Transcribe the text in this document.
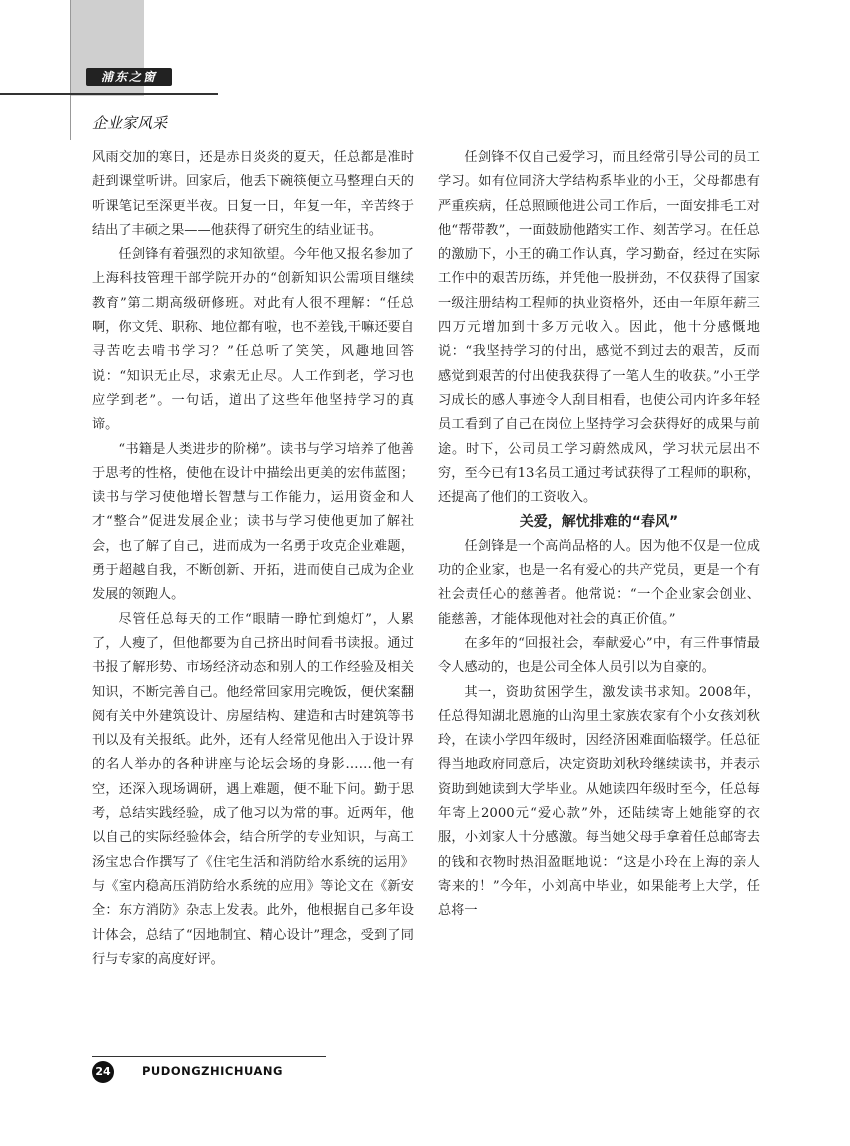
浦东之窗
企业家风采

风雨交加的寒日，还是赤日炎炎的夏天，任总都是准时赶到课堂听讲。回家后，他丢下碗筷便立马整理白天的听课笔记至深更半夜。日复一日，年复一年，辛苦终于结出了丰硕之果——他获得了研究生的结业证书。

任剑锋有着强烈的求知欲望。今年他又报名参加了上海科技管理干部学院开办的“创新知识公需项目继续教育”第二期高级研修班。对此有人很不理解：“任总啊，你文凭、职称、地位都有啦，也不差钱,干嘛还要自寻苦吃去啃书学习？”任总听了笑笑，风趣地回答说：“知识无止尽，求索无止尽。人工作到老，学习也应学到老”。一句话，道出了这些年他坚持学习的真谛。

“书籍是人类进步的阶梯”。读书与学习培养了他善于思考的性格，使他在设计中描绘出更美的宏伟蓝图；读书与学习使他增长智慧与工作能力，运用资金和人才“整合”促进发展企业；读书与学习使他更加了解社会，也了解了自己，进而成为一名勇于攻克企业难题，勇于超越自我，不断创新、开拓，进而使自己成为企业发展的领跑人。

尽管任总每天的工作“眼睛一睁忙到熄灯”，人累了，人瘦了，但他都要为自己挤出时间看书读报。通过书报了解形势、市场经济动态和别人的工作经验及相关知识，不断完善自己。他经常回家用完晚饭，便伏案翻阅有关中外建筑设计、房屋结构、建造和古时建筑等书刊以及有关报纸。此外，还有人经常见他出入于设计界的名人举办的各种讲座与论坛会场的身影……他一有空，还深入现场调研，遇上难题，便不耻下问。勤于思考，总结实践经验，成了他习以为常的事。近两年，他以自己的实际经验体会，结合所学的专业知识，与高工汤宝忠合作撰写了《住宅生活和消防给水系统的运用》与《室内稳高压消防给水系统的应用》等论文在《新安全：东方消防》杂志上发表。此外，他根据自己多年设计体会，总结了“因地制宜、精心设计”理念，受到了同行与专家的高度好评。

任剑锋不仅自己爱学习，而且经常引导公司的员工学习。如有位同济大学结构系毕业的小王，父母都患有严重疾病，任总照顾他进公司工作后，一面安排毛工对他“帮带教”，一面鼓励他踏实工作、刻苦学习。在任总的激励下，小王的确工作认真，学习勤奋，经过在实际工作中的艰苦历练，并凭他一股拼劲，不仅获得了国家一级注册结构工程师的执业资格外，还由一年原年薪三四万元增加到十多万元收入。因此，他十分感慨地说：“我坚持学习的付出，感觉不到过去的艰苦，反而感觉到艰苦的付出使我获得了一笔人生的收获。”小王学习成长的感人事迹令人刮目相看，也使公司内许多年轻员工看到了自己在岗位上坚持学习会获得好的成果与前途。时下，公司员工学习蔚然成风，学习状元层出不穷，至今已有13名员工通过考试获得了工程师的职称，还提高了他们的工资收入。

关爱，解忧排难的“春风”

任剑锋是一个高尚品格的人。因为他不仅是一位成功的企业家，也是一名有爱心的共产党员，更是一个有社会责任心的慈善者。他常说：“一个企业家会创业、能慈善，才能体现他对社会的真正价值。”

在多年的“回报社会，奉献爱心”中，有三件事情最令人感动的，也是公司全体人员引以为自豪的。

其一，资助贫困学生，激发读书求知。2008年，任总得知湖北恩施的山沟里土家族农家有个小女孩刘秋玲，在读小学四年级时，因经济困难面临辍学。任总征得当地政府同意后，决定资助刘秋玲继续读书，并表示资助到她读到大学毕业。从她读四年级时至今，任总每年寄上2000元“爱心款”外，还陆续寄上她能穿的衣服，小刘家人十分感激。每当她父母手拿着任总邮寄去的钱和衣物时热泪盈眶地说：“这是小玲在上海的亲人寄来的！”今年，小刘高中毕业，如果能考上大学，任总将一

24	PUDONGZHICHUANG
